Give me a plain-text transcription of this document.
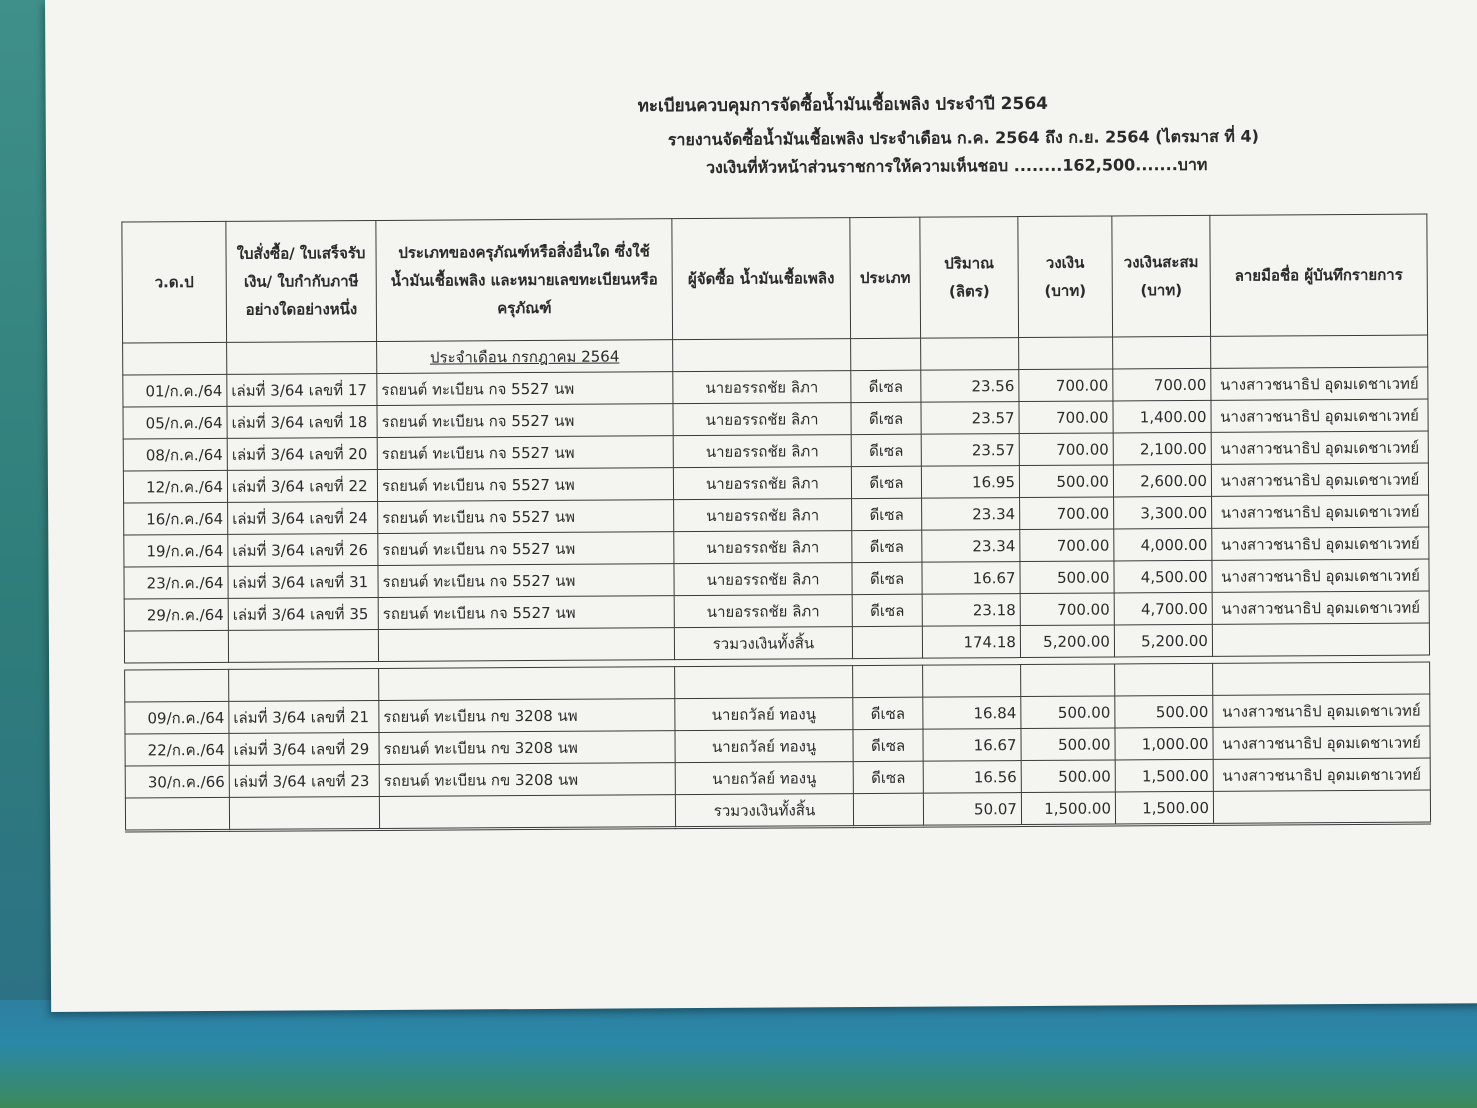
ทะเบียนควบคุมการจัดซื้อน้ำมันเชื้อเพลิง ประจำปี 2564
รายงานจัดซื้อน้ำมันเชื้อเพลิง ประจำเดือน ก.ค. 2564 ถึง ก.ย. 2564 (ไตรมาส ที่ 4)
วงเงินที่หัวหน้าส่วนราชการให้ความเห็นชอบ ........162,500.......บาท
ว.ด.ป	ใบสั่งซื้อ/ ใบเสร็จรับเงิน/ ใบกำกับภาษี อย่างใดอย่างหนึ่ง	ประเภทของครุภัณฑ์หรือสิ่งอื่นใด ซึ่งใช้น้ำมันเชื้อเพลิง และหมายเลขทะเบียนหรือครุภัณฑ์	ผู้จัดซื้อ น้ำมันเชื้อเพลิง	ประเภท	ปริมาณ (ลิตร)	วงเงิน (บาท)	วงเงินสะสม (บาท)	ลายมือชื่อ ผู้บันทึกรายการ
		ประจำเดือน กรกฎาคม 2564						
01/ก.ค./64	เล่มที่ 3/64 เลขที่ 17	รถยนต์ ทะเบียน กจ 5527 นพ	นายอรรถชัย ลิภา	ดีเซล	23.56	700.00	700.00	นางสาวชนาธิป อุดมเดชาเวทย์
05/ก.ค./64	เล่มที่ 3/64 เลขที่ 18	รถยนต์ ทะเบียน กจ 5527 นพ	นายอรรถชัย ลิภา	ดีเซล	23.57	700.00	1,400.00	นางสาวชนาธิป อุดมเดชาเวทย์
08/ก.ค./64	เล่มที่ 3/64 เลขที่ 20	รถยนต์ ทะเบียน กจ 5527 นพ	นายอรรถชัย ลิภา	ดีเซล	23.57	700.00	2,100.00	นางสาวชนาธิป อุดมเดชาเวทย์
12/ก.ค./64	เล่มที่ 3/64 เลขที่ 22	รถยนต์ ทะเบียน กจ 5527 นพ	นายอรรถชัย ลิภา	ดีเซล	16.95	500.00	2,600.00	นางสาวชนาธิป อุดมเดชาเวทย์
16/ก.ค./64	เล่มที่ 3/64 เลขที่ 24	รถยนต์ ทะเบียน กจ 5527 นพ	นายอรรถชัย ลิภา	ดีเซล	23.34	700.00	3,300.00	นางสาวชนาธิป อุดมเดชาเวทย์
19/ก.ค./64	เล่มที่ 3/64 เลขที่ 26	รถยนต์ ทะเบียน กจ 5527 นพ	นายอรรถชัย ลิภา	ดีเซล	23.34	700.00	4,000.00	นางสาวชนาธิป อุดมเดชาเวทย์
23/ก.ค./64	เล่มที่ 3/64 เลขที่ 31	รถยนต์ ทะเบียน กจ 5527 นพ	นายอรรถชัย ลิภา	ดีเซล	16.67	500.00	4,500.00	นางสาวชนาธิป อุดมเดชาเวทย์
29/ก.ค./64	เล่มที่ 3/64 เลขที่ 35	รถยนต์ ทะเบียน กจ 5527 นพ	นายอรรถชัย ลิภา	ดีเซล	23.18	700.00	4,700.00	นางสาวชนาธิป อุดมเดชาเวทย์
			รวมวงเงินทั้งสิ้น		174.18	5,200.00	5,200.00	

09/ก.ค./64	เล่มที่ 3/64 เลขที่ 21	รถยนต์ ทะเบียน กข 3208 นพ	นายถวัลย์ ทองนู	ดีเซล	16.84	500.00	500.00	นางสาวชนาธิป อุดมเดชาเวทย์
22/ก.ค./64	เล่มที่ 3/64 เลขที่ 29	รถยนต์ ทะเบียน กข 3208 นพ	นายถวัลย์ ทองนู	ดีเซล	16.67	500.00	1,000.00	นางสาวชนาธิป อุดมเดชาเวทย์
30/ก.ค./66	เล่มที่ 3/64 เลขที่ 23	รถยนต์ ทะเบียน กข 3208 นพ	นายถวัลย์ ทองนู	ดีเซล	16.56	500.00	1,500.00	นางสาวชนาธิป อุดมเดชาเวทย์
			รวมวงเงินทั้งสิ้น		50.07	1,500.00	1,500.00	
